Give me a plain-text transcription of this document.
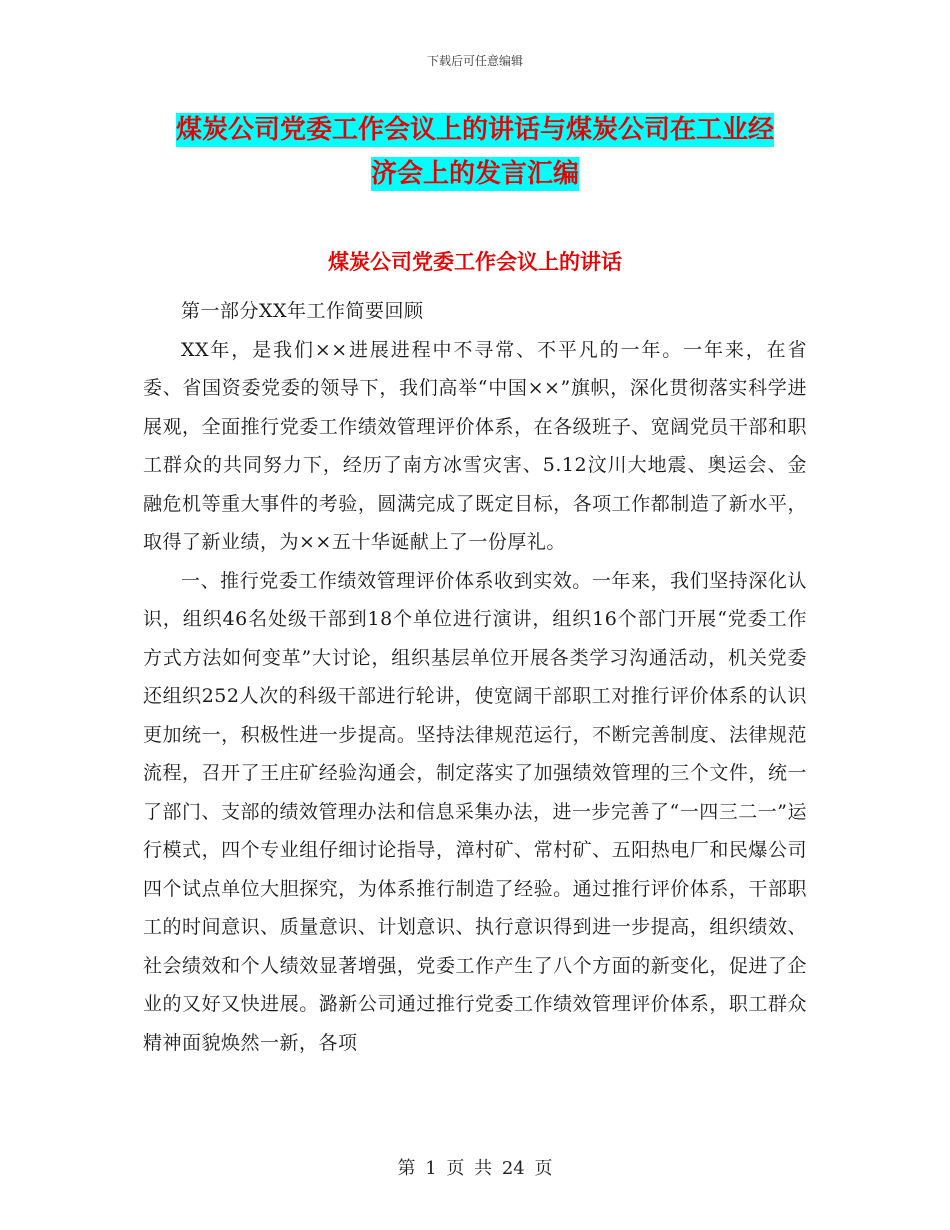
下载后可任意编辑
煤炭公司党委工作会议上的讲话与煤炭公司在工业经
济会上的发言汇编
煤炭公司党委工作会议上的讲话

第一部分XX年工作简要回顾

XX年，是我们××进展进程中不寻常、不平凡的一年。一年来，在省委、省国资委党委的领导下，我们高举“中国××”旗帜，深化贯彻落实科学进展观，全面推行党委工作绩效管理评价体系，在各级班子、宽阔党员干部和职工群众的共同努力下，经历了南方冰雪灾害、5.12汶川大地震、奥运会、金融危机等重大事件的考验，圆满完成了既定目标，各项工作都制造了新水平，取得了新业绩，为××五十华诞献上了一份厚礼。

一、推行党委工作绩效管理评价体系收到实效。一年来，我们坚持深化认识，组织46名处级干部到18个单位进行演讲，组织16个部门开展“党委工作方式方法如何变革”大讨论，组织基层单位开展各类学习沟通活动，机关党委还组织252人次的科级干部进行轮讲，使宽阔干部职工对推行评价体系的认识更加统一，积极性进一步提高。坚持法律规范运行，不断完善制度、法律规范流程，召开了王庄矿经验沟通会，制定落实了加强绩效管理的三个文件，统一了部门、支部的绩效管理办法和信息采集办法，进一步完善了“一四三二一”运行模式，四个专业组仔细讨论指导，漳村矿、常村矿、五阳热电厂和民爆公司四个试点单位大胆探究，为体系推行制造了经验。通过推行评价体系，干部职工的时间意识、质量意识、计划意识、执行意识得到进一步提高，组织绩效、社会绩效和个人绩效显著增强，党委工作产生了八个方面的新变化，促进了企业的又好又快进展。潞新公司通过推行党委工作绩效管理评价体系，职工群众精神面貌焕然一新，各项

第 1 页 共 24 页
